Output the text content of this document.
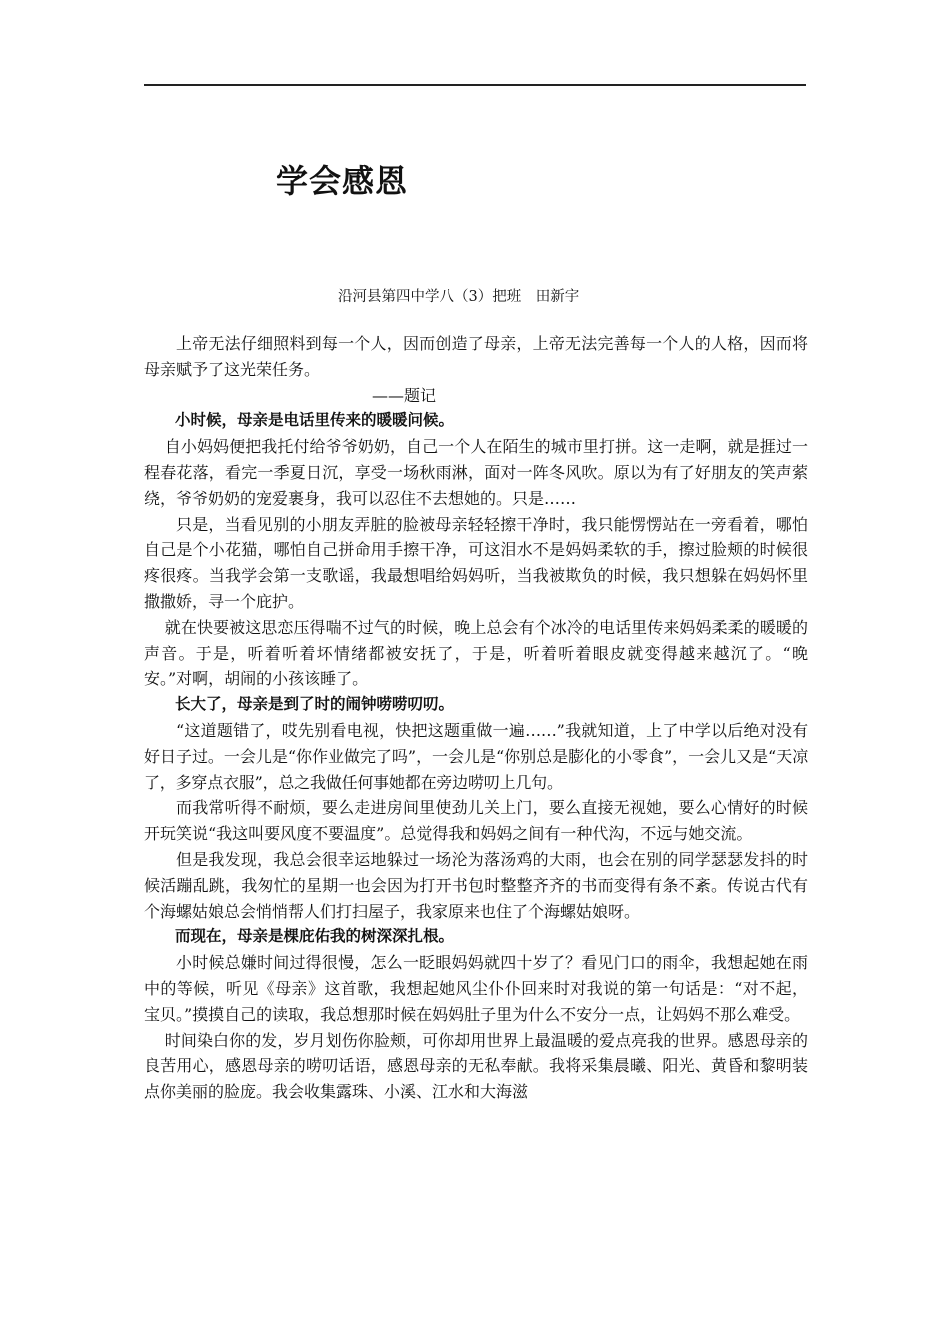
学会感恩
沿河县第四中学八（3）把班　田新宇

上帝无法仔细照料到每一个人，因而创造了母亲，上帝无法完善每一个人的人格，因而将母亲赋予了这光荣任务。

——题记

小时候，母亲是电话里传来的暖暖问候。

自小妈妈便把我托付给爷爷奶奶，自己一个人在陌生的城市里打拼。这一走啊，就是捱过一程春花落，看完一季夏日沉，享受一场秋雨淋，面对一阵冬风吹。原以为有了好朋友的笑声萦绕，爷爷奶奶的宠爱裹身，我可以忍住不去想她的。只是……

只是，当看见别的小朋友弄脏的脸被母亲轻轻擦干净时，我只能愣愣站在一旁看着，哪怕自己是个小花猫，哪怕自己拼命用手擦干净，可这泪水不是妈妈柔软的手，擦过脸颊的时候很疼很疼。当我学会第一支歌谣，我最想唱给妈妈听，当我被欺负的时候，我只想躲在妈妈怀里撒撒娇，寻一个庇护。

就在快要被这思恋压得喘不过气的时候，晚上总会有个冰冷的电话里传来妈妈柔柔的暖暖的声音。于是，听着听着坏情绪都被安抚了，于是，听着听着眼皮就变得越来越沉了。“晚安。”对啊，胡闹的小孩该睡了。

长大了，母亲是到了时的闹钟唠唠叨叨。

“这道题错了，哎先别看电视，快把这题重做一遍……”我就知道，上了中学以后绝对没有好日子过。一会儿是“你作业做完了吗”，一会儿是“你别总是膨化的小零食”，一会儿又是“天凉了，多穿点衣服”，总之我做任何事她都在旁边唠叨上几句。

而我常听得不耐烦，要么走进房间里使劲儿关上门，要么直接无视她，要么心情好的时候开玩笑说“我这叫要风度不要温度”。总觉得我和妈妈之间有一种代沟，不远与她交流。

但是我发现，我总会很幸运地躲过一场沦为落汤鸡的大雨，也会在别的同学瑟瑟发抖的时候活蹦乱跳，我匆忙的星期一也会因为打开书包时整整齐齐的书而变得有条不紊。传说古代有个海螺姑娘总会悄悄帮人们打扫屋子，我家原来也住了个海螺姑娘呀。

而现在，母亲是棵庇佑我的树深深扎根。

小时候总嫌时间过得很慢，怎么一眨眼妈妈就四十岁了？看见门口的雨伞，我想起她在雨中的等候，听见《母亲》这首歌，我想起她风尘仆仆回来时对我说的第一句话是：“对不起，宝贝。”摸摸自己的读取，我总想那时候在妈妈肚子里为什么不安分一点，让妈妈不那么难受。

时间染白你的发，岁月划伤你脸颊，可你却用世界上最温暖的爱点亮我的世界。感恩母亲的良苦用心，感恩母亲的唠叨话语，感恩母亲的无私奉献。我将采集晨曦、阳光、黄昏和黎明装点你美丽的脸庞。我会收集露珠、小溪、江水和大海滋
